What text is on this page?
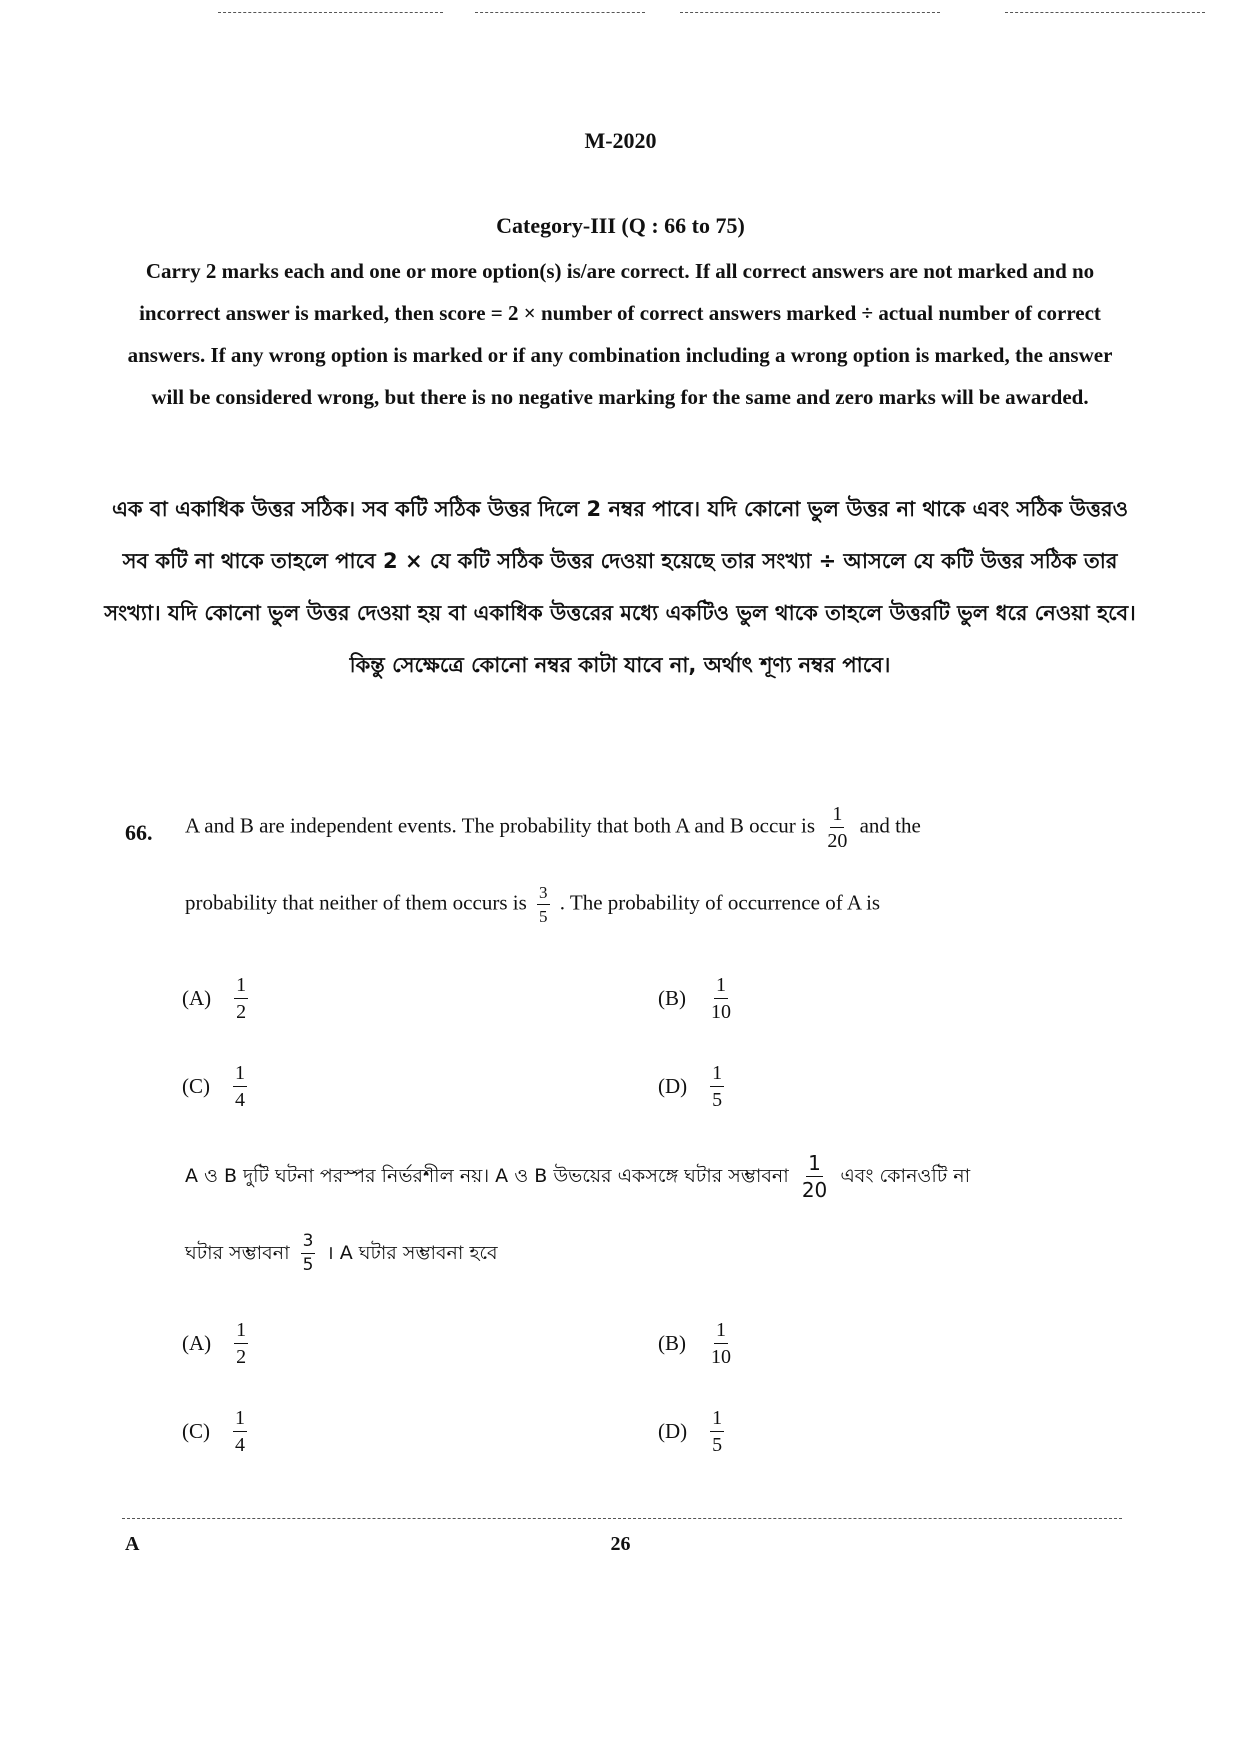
M-2020
Category-III (Q : 66 to 75)
Carry 2 marks each and one or more option(s) is/are correct. If all correct answers are not marked and no incorrect answer is marked, then score = 2 × number of correct answers marked ÷ actual number of correct answers. If any wrong option is marked or if any combination including a wrong option is marked, the answer will be considered wrong, but there is no negative marking for the same and zero marks will be awarded.
এক বা একাধিক উত্তর সঠিক। সব কটি সঠিক উত্তর দিলে 2 নম্বর পাবে। যদি কোনো ভুল উত্তর না থাকে এবং সঠিক উত্তরও সব কটি না থাকে তাহলে পাবে 2 × যে কটি সঠিক উত্তর দেওয়া হয়েছে তার সংখ্যা ÷ আসলে যে কটি উত্তর সঠিক তার সংখ্যা। যদি কোনো ভুল উত্তর দেওয়া হয় বা একাধিক উত্তরের মধ্যে একটিও ভুল থাকে তাহলে উত্তরটি ভুল ধরে নেওয়া হবে। কিন্তু সেক্ষেত্রে কোনো নম্বর কাটা যাবে না, অর্থাৎ শূণ্য নম্বর পাবে।
66. A and B are independent events. The probability that both A and B occur is $\frac{1}{20}$ and the
probability that neither of them occurs is $\frac{3}{5}$ . The probability of occurrence of A is
$(A) \frac{1}{2}$	$(B) \frac{1}{10}$
$(C) \frac{1}{4}$	$(D) \frac{1}{5}$
A ও B দুটি ঘটনা পরস্পর নির্ভরশীল নয়। A ও B উভয়ের একসঙ্গে ঘটার সম্ভাবনা $\frac{1}{20}$ এবং কোনওটি না
ঘটার সম্ভাবনা $\frac{3}{5}$ । A ঘটার সম্ভাবনা হবে
$(A) \frac{1}{2}$	$(B) \frac{1}{10}$
$(C) \frac{1}{4}$	$(D) \frac{1}{5}$
A	26
